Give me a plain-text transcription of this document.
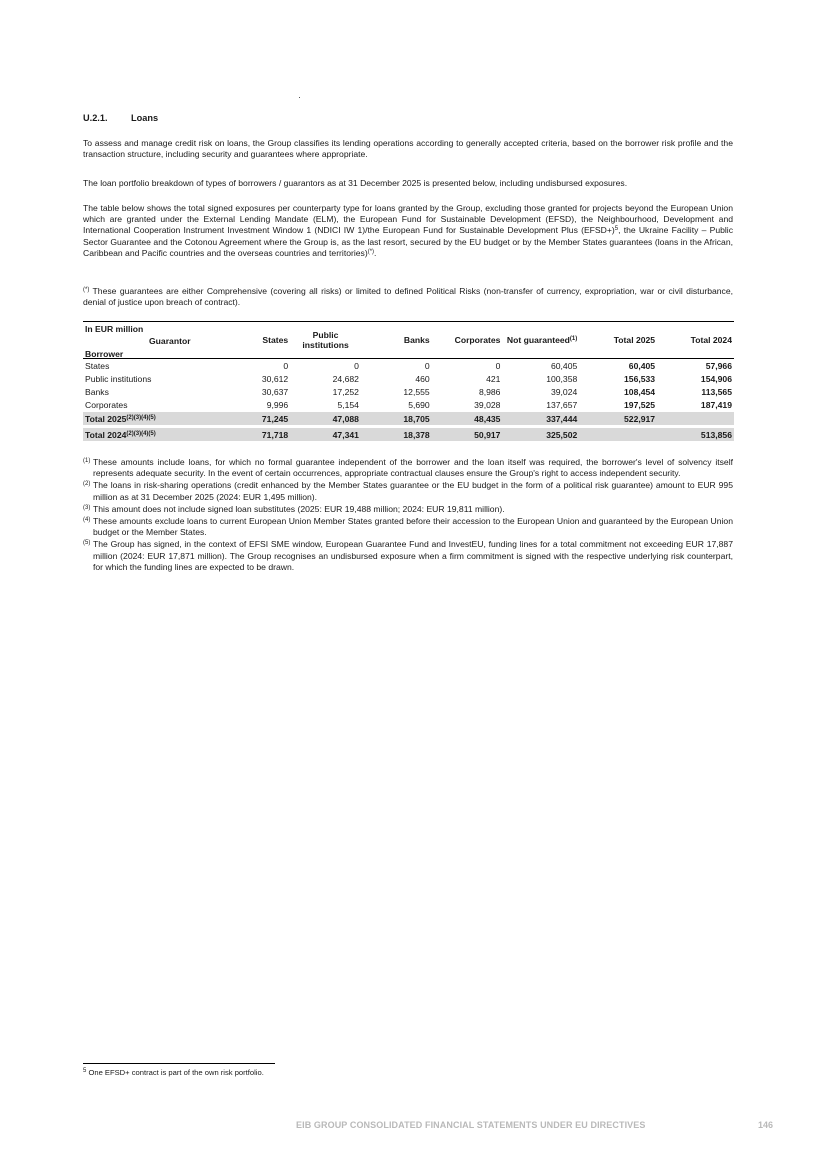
U.2.1.	Loans

To assess and manage credit risk on loans, the Group classifies its lending operations according to generally accepted criteria, based on the borrower risk profile and the transaction structure, including security and guarantees where appropriate.

The loan portfolio breakdown of types of borrowers / guarantors as at 31 December 2025 is presented below, including undisbursed exposures.

The table below shows the total signed exposures per counterparty type for loans granted by the Group, excluding those granted for projects beyond the European Union which are granted under the External Lending Mandate (ELM), the European Fund for Sustainable Development (EFSD), the Neighbourhood, Development and International Cooperation Instrument Investment Window 1 (NDICI IW 1)/the European Fund for Sustainable Development Plus (EFSD+)$^5$, the Ukraine Facility – Public Sector Guarantee and the Cotonou Agreement where the Group is, as the last resort, secured by the EU budget or by the Member States guarantees (loans in the African, Caribbean and Pacific countries and the overseas countries and territories)(*).

(*) These guarantees are either Comprehensive (covering all risks) or limited to defined Political Risks (non-transfer of currency, expropriation, war or civil disturbance, denial of justice upon breach of contract).

In EUR million
Guarantor
Borrower	States	Public institutions	Banks	Corporates	Not guaranteed$^{(1)}$	Total 2025	Total 2024
States	0	0	0	0	60,405	60,405	57,966
Public institutions	30,612	24,682	460	421	100,358	156,533	154,906
Banks	30,637	17,252	12,555	8,986	39,024	108,454	113,565
Corporates	9,996	5,154	5,690	39,028	137,657	197,525	187,419
Total $2025^{(2)(3)(4)(5)}$	71,245	47,088	18,705	48,435	337,444	522,917	
Total $2024^{(2)(3)(4)(5)}$	71,718	47,341	18,378	50,917	325,502		513,856

(1) These amounts include loans, for which no formal guarantee independent of the borrower and the loan itself was required, the borrower's level of solvency itself represents adequate security. In the event of certain occurrences, appropriate contractual clauses ensure the Group's right to access independent security.

(2) The loans in risk-sharing operations (credit enhanced by the Member States guarantee or the EU budget in the form of a political risk guarantee) amount to EUR 995 million as at 31 December 2025 (2024: EUR 1,495 million).

(3) This amount does not include signed loan substitutes (2025: EUR 19,488 million; 2024: EUR 19,811 million).

(4) These amounts exclude loans to current European Union Member States granted before their accession to the European Union and guaranteed by the European Union budget or the Member States.

(5) The Group has signed, in the context of EFSI SME window, European Guarantee Fund and InvestEU, funding lines for a total commitment not exceeding EUR 17,887 million (2024: EUR 17,871 million). The Group recognises an undisbursed exposure when a firm commitment is signed with the respective underlying risk counterpart, for which the funding lines are expected to be drawn.

$^5$ One EFSD+ contract is part of the own risk portfolio.
EIB GROUP CONSOLIDATED FINANCIAL STATEMENTS UNDER EU DIRECTIVES	146
